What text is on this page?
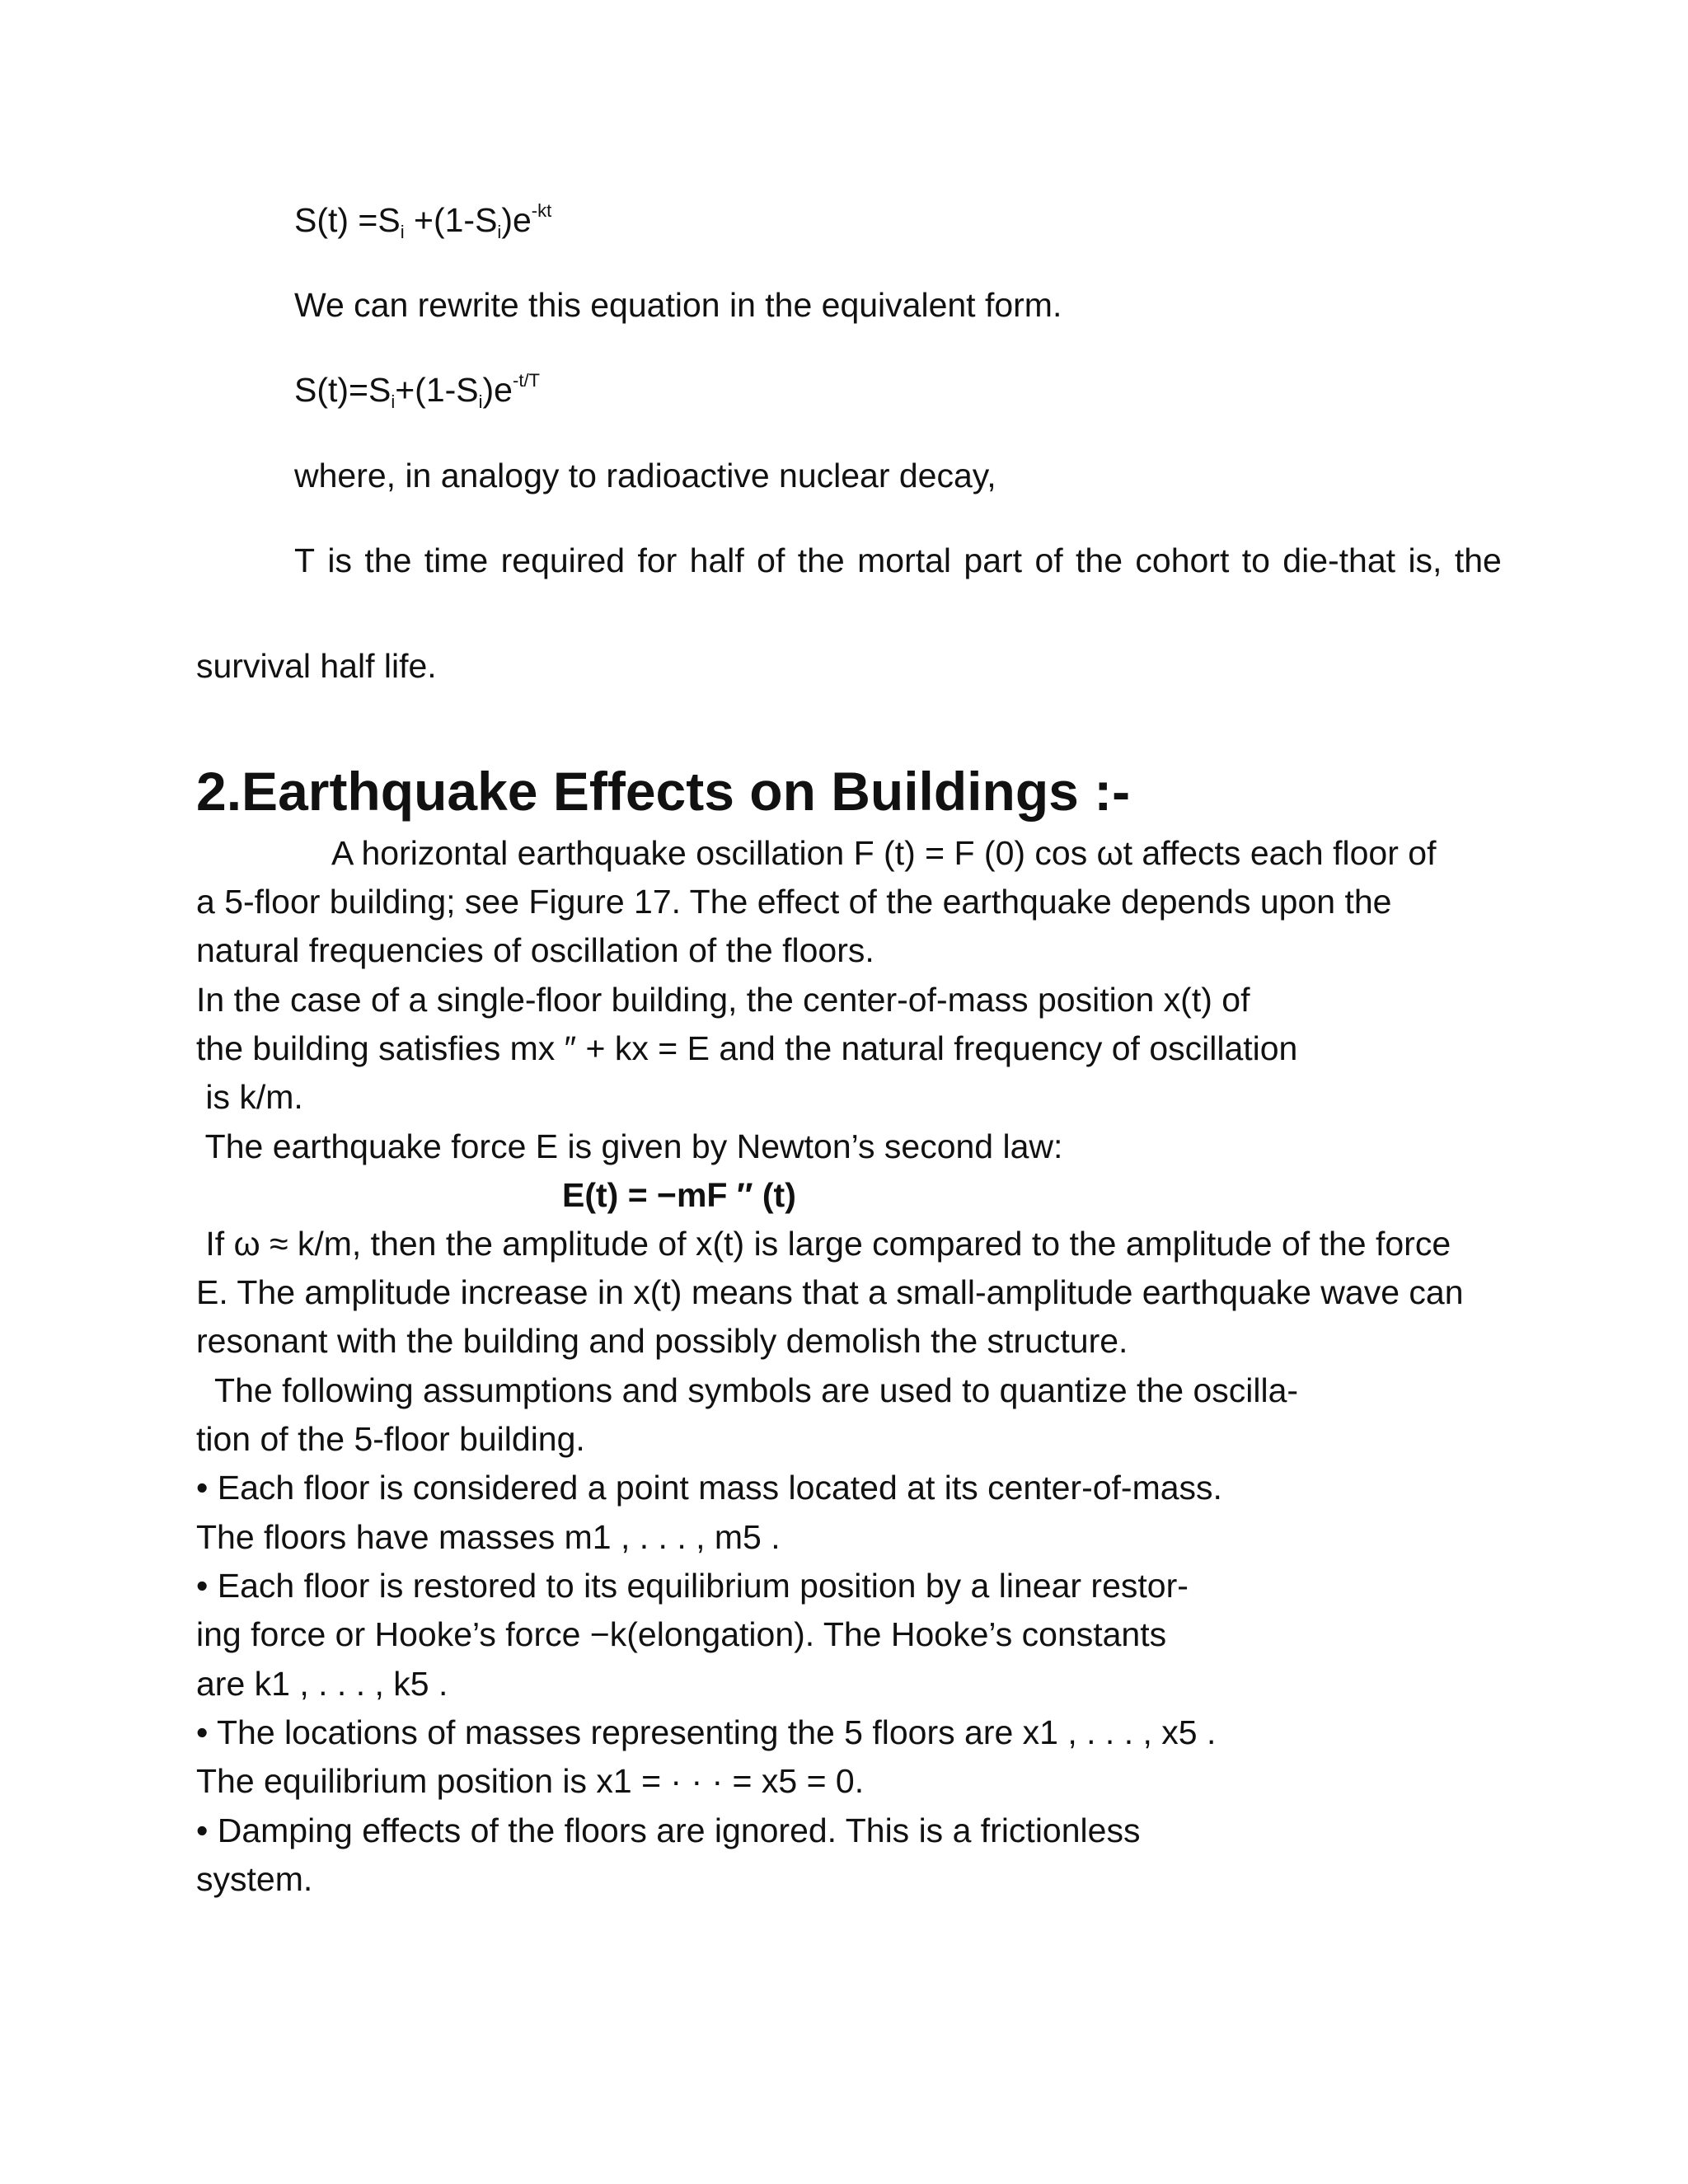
$S(t) =S_i +(1-S_i)e^{-kt}$
We can rewrite this equation in the equivalent form.
$S(t)=S_i+(1-S_i)e^{-t/T}$
where, in analogy to radioactive nuclear decay,
T is the time required for half of the mortal part of the cohort to die-that is, the
survival half life.
2.Earthquake Effects on Buildings :-
A horizontal earthquake oscillation F (t) = F (0) cos ωt affects each floor of
a 5-floor building; see Figure 17. The effect of the earthquake depends upon the
natural frequencies of oscillation of the floors.
In the case of a single-floor building, the center-of-mass position x(t) of
the building satisfies mx ″ + kx = E and the natural frequency of oscillation
is k/m.
The earthquake force E is given by Newton’s second law:
E(t) = −mF ″ (t)
If ω ≈ k/m, then the amplitude of x(t) is large compared to the amplitude of the force
E. The amplitude increase in x(t) means that a small-amplitude earthquake wave can
resonant with the building and possibly demolish the structure.
The following assumptions and symbols are used to quantize the oscilla-
tion of the 5-floor building.
• Each floor is considered a point mass located at its center-of-mass.
The floors have masses m1 , . . . , m5 .
• Each floor is restored to its equilibrium position by a linear restor-
ing force or Hooke’s force −k(elongation). The Hooke’s constants
are k1 , . . . , k5 .
• The locations of masses representing the 5 floors are x1 , . . . , x5 .
The equilibrium position is x1 = · · · = x5 = 0.
• Damping effects of the floors are ignored. This is a frictionless
system.
